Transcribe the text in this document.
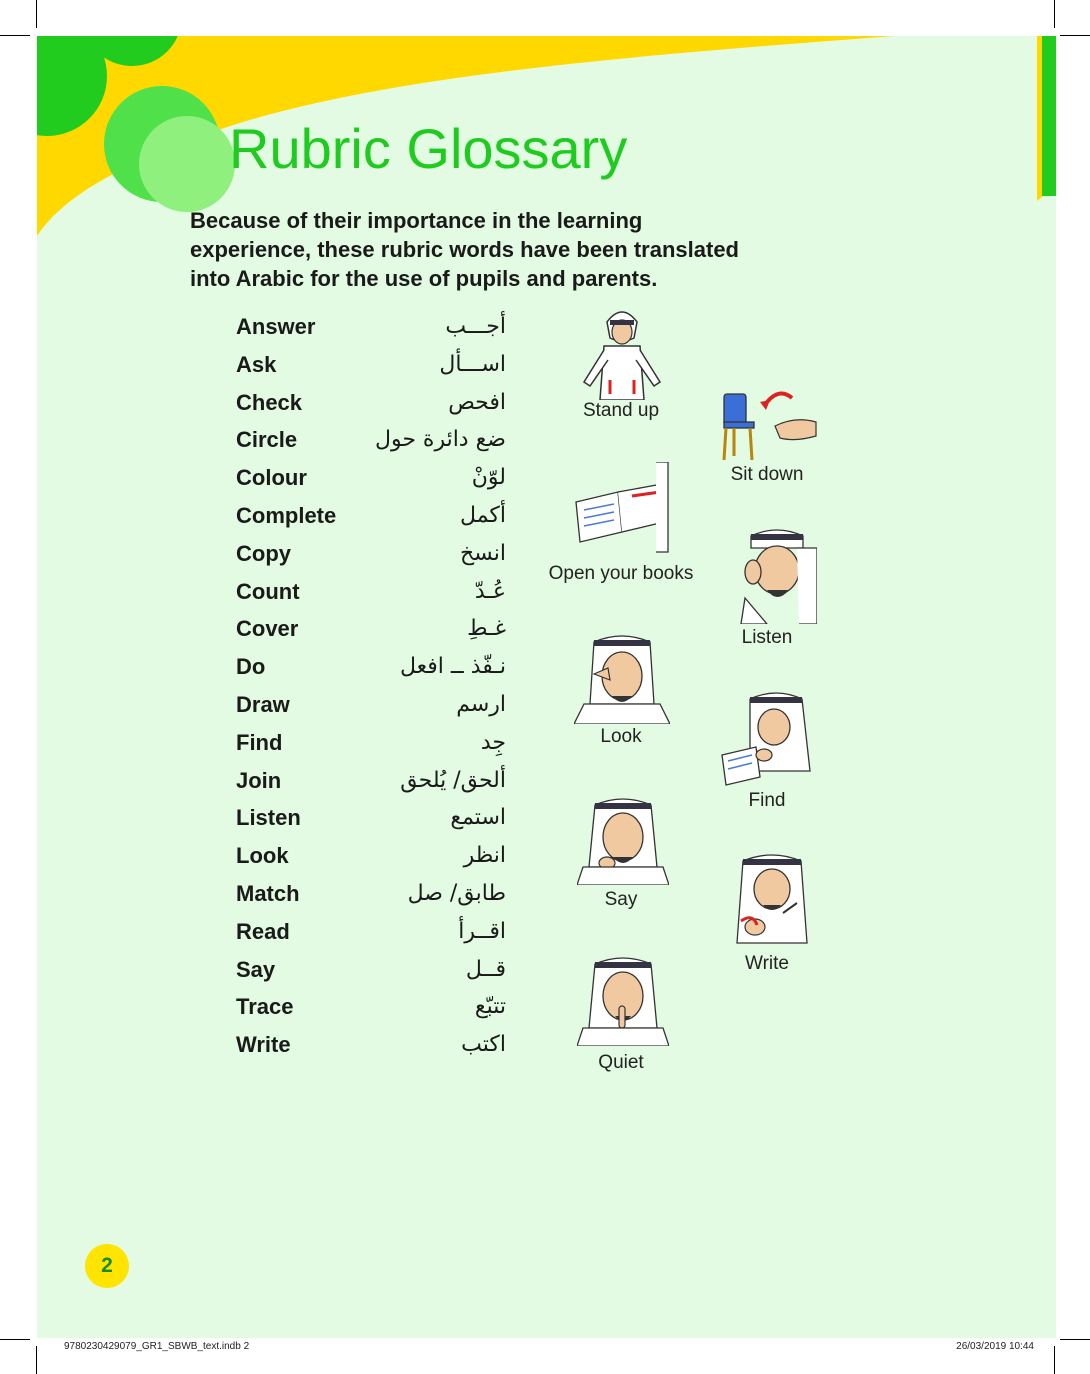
Rubric Glossary

Because of their importance in the learning
experience, these rubric words have been translated
into Arabic for the use of pupils and parents.

Answer	أجـــب
Ask	اســـأل
Check	افحص
Circle	ضع دائرة حول
Colour	لوّنْ
Complete	أكمل
Copy	انسخ
Count	عُـدّ
Cover	غـطِ
Do	نـفّذ ــ افعل
Draw	ارسم
Find	جِد
Join	ألحق/ يُلحق
Listen	استمع
Look	انظر
Match	طابق/ صل
Read	اقــرأ
Say	قــل
Trace	تتبّع
Write	اكتب
Stand up
Sit down
Open your books
Listen
Look
Find
Say
Write
Quiet
2
9780230429079_GR1_SBWB_text.indb 2	26/03/2019 10:44
